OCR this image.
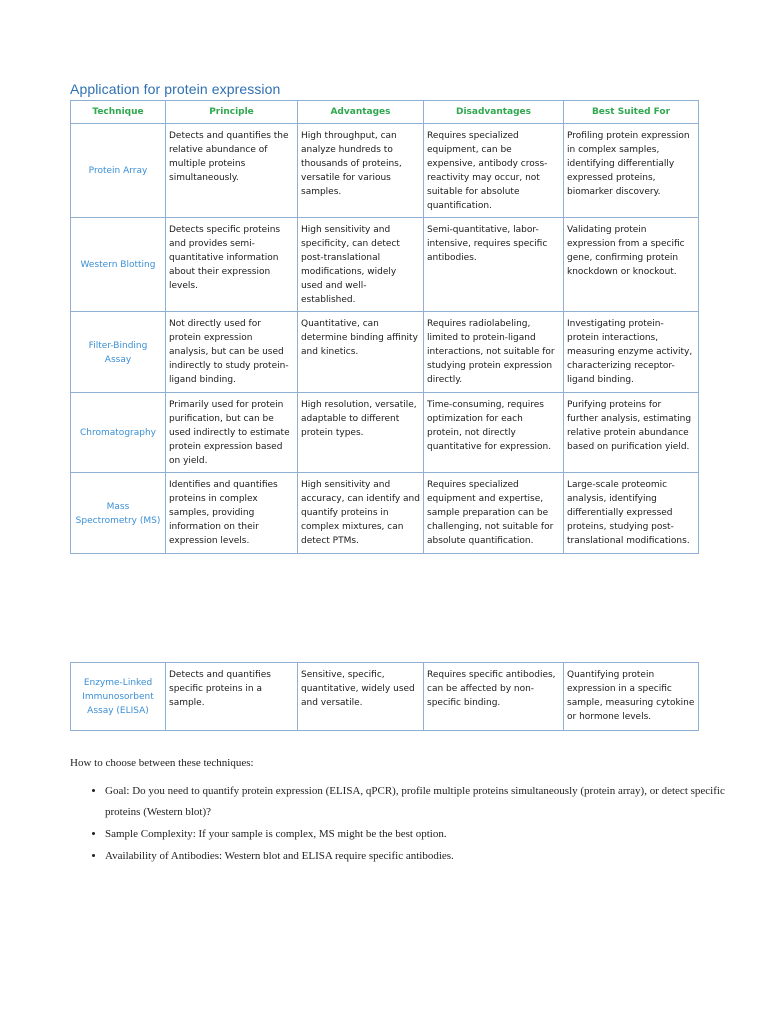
Application for protein expression
Technique	Principle	Advantages	Disadvantages	Best Suited For
Protein Array	Detects and quantifies the relative abundance of multiple proteins simultaneously.	High throughput, can analyze hundreds to thousands of proteins, versatile for various samples.	Requires specialized equipment, can be expensive, antibody cross-reactivity may occur, not suitable for absolute quantification.	Profiling protein expression in complex samples, identifying differentially expressed proteins, biomarker discovery.
Western Blotting	Detects specific proteins and provides semi-quantitative information about their expression levels.	High sensitivity and specificity, can detect post-translational modifications, widely used and well-established.	Semi-quantitative, labor-intensive, requires specific antibodies.	Validating protein expression from a specific gene, confirming protein knockdown or knockout.
Filter-Binding Assay	Not directly used for protein expression analysis, but can be used indirectly to study protein-ligand binding.	Quantitative, can determine binding affinity and kinetics.	Requires radiolabeling, limited to protein-ligand interactions, not suitable for studying protein expression directly.	Investigating protein-protein interactions, measuring enzyme activity, characterizing receptor-ligand binding.
Chromatography	Primarily used for protein purification, but can be used indirectly to estimate protein expression based on yield.	High resolution, versatile, adaptable to different protein types.	Time-consuming, requires optimization for each protein, not directly quantitative for expression.	Purifying proteins for further analysis, estimating relative protein abundance based on purification yield.
Mass Spectrometry (MS)	Identifies and quantifies proteins in complex samples, providing information on their expression levels.	High sensitivity and accuracy, can identify and quantify proteins in complex mixtures, can detect PTMs.	Requires specialized equipment and expertise, sample preparation can be challenging, not suitable for absolute quantification.	Large-scale proteomic analysis, identifying differentially expressed proteins, studying post-translational modifications.
Enzyme-Linked Immunosorbent Assay (ELISA)	Detects and quantifies specific proteins in a sample.	Sensitive, specific, quantitative, widely used and versatile.	Requires specific antibodies, can be affected by non-specific binding.	Quantifying protein expression in a specific sample, measuring cytokine or hormone levels.
How to choose between these techniques:
• Goal: Do you need to quantify protein expression (ELISA, qPCR), profile multiple proteins simultaneously (protein array), or detect specific proteins (Western blot)?
• Sample Complexity: If your sample is complex, MS might be the best option.
• Availability of Antibodies: Western blot and ELISA require specific antibodies.
